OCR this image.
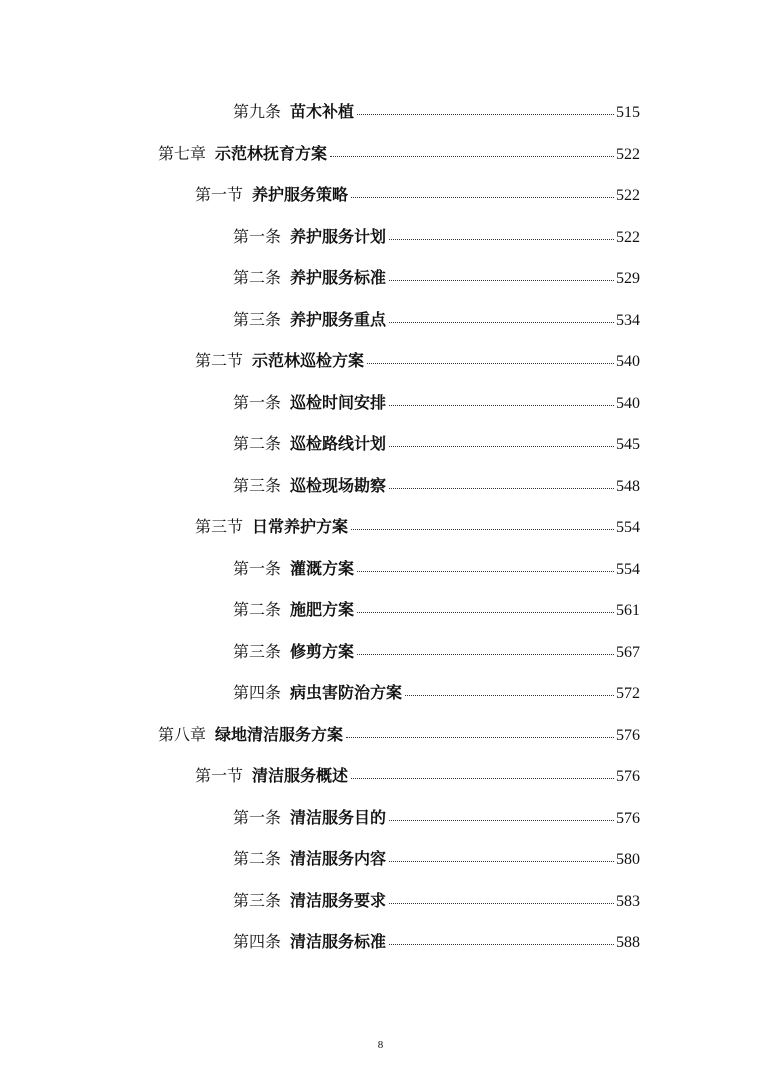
第九条 苗木补植	515
第七章 示范林抚育方案	522
第一节 养护服务策略	522
第一条 养护服务计划	522
第二条 养护服务标准	529
第三条 养护服务重点	534
第二节 示范林巡检方案	540
第一条 巡检时间安排	540
第二条 巡检路线计划	545
第三条 巡检现场勘察	548
第三节 日常养护方案	554
第一条 灌溉方案	554
第二条 施肥方案	561
第三条 修剪方案	567
第四条 病虫害防治方案	572
第八章 绿地清洁服务方案	576
第一节 清洁服务概述	576
第一条 清洁服务目的	576
第二条 清洁服务内容	580
第三条 清洁服务要求	583
第四条 清洁服务标准	588
8
